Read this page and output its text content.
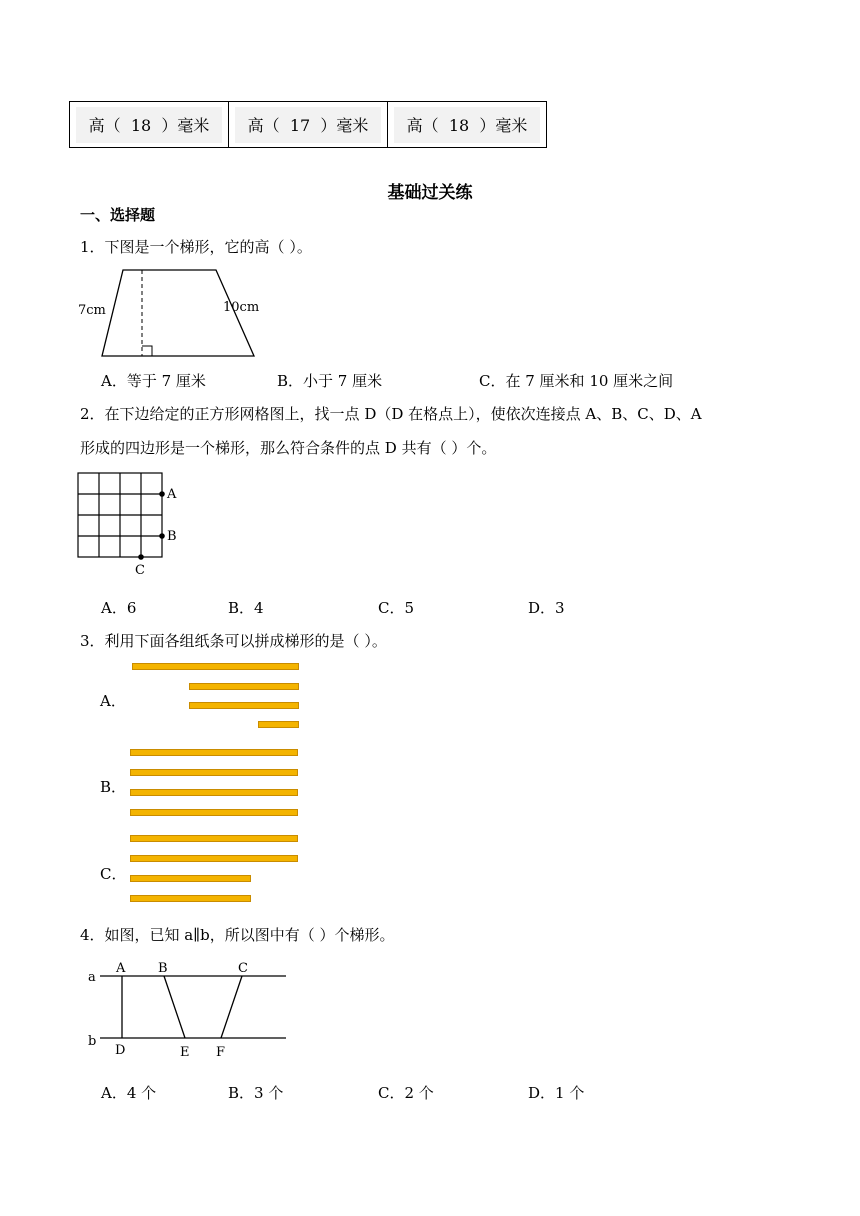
高（  18  ）毫米	高（  17  ）毫米	高（  18  ）毫米
基础过关练
一、选择题
1．下图是一个梯形，它的高（ ）。
7cm	10cm
A．等于 7 厘米	B．小于 7 厘米	C．在 7 厘米和 10 厘米之间
2．在下边给定的正方形网格图上，找一点 D（D 在格点上），使依次连接点 A、B、C、D、A
形成的四边形是一个梯形，那么符合条件的点 D 共有（ ）个。
A
B
C
A．6	B．4	C．5	D．3
3．利用下面各组纸条可以拼成梯形的是（ ）。
A．
B．
C．
4．如图，已知 a∥b，所以图中有（ ）个梯形。
a
b
A	B	C
D	E F
A．4 个	B．3 个	C．2 个	D．1 个
